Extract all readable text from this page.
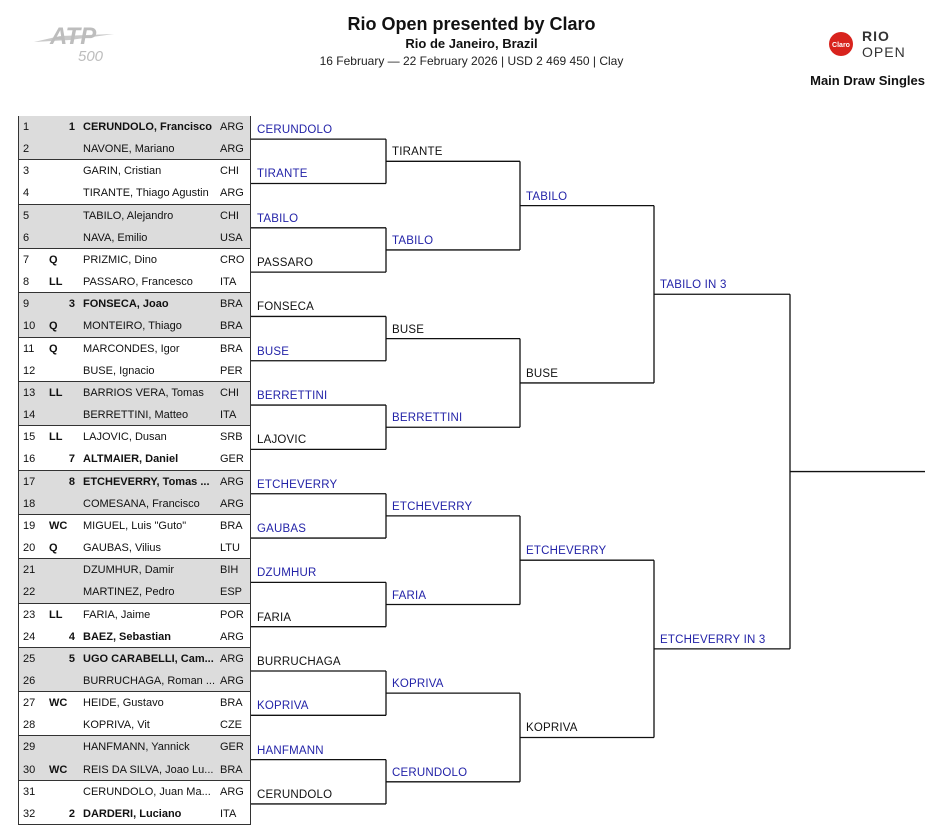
Rio Open presented by Claro
Rio de Janeiro, Brazil
16 February — 22 February 2026 | USD 2 469 450 | Clay
Main Draw Singles
ATP
500
Claro
RIO
OPEN
1	1 CERUNDOLO, Francisco ARG
2	NAVONE, Mariano	ARG
3	GARIN, Cristian	CHI
4	TIRANTE, Thiago Agustin	ARG
5	TABILO, Alejandro	CHI
6	NAVA, Emilio	USA
7	Q	PRIZMIC, Dino	CRO
8	LL	PASSARO, Francesco	ITA
9	3 FONSECA, Joao	BRA
10	Q	MONTEIRO, Thiago	BRA
11	Q	MARCONDES, Igor	BRA
12	BUSE, Ignacio	PER
13	LL	BARRIOS VERA, Tomas	CHI
14	BERRETTINI, Matteo	ITA
15	LL	LAJOVIC, Dusan	SRB
16	7 ALTMAIER, Daniel	GER
17	8 ETCHEVERRY, Tomas ... ARG
18	COMESANA, Francisco	ARG
19	WC	MIGUEL, Luis "Guto"	BRA
20	Q	GAUBAS, Vilius	LTU
21	DZUMHUR, Damir	BIH
22	MARTINEZ, Pedro	ESP
23	LL	FARIA, Jaime	POR
24	4 BAEZ, Sebastian	ARG
25	5 UGO CARABELLI, Cam... ARG
26	BURRUCHAGA, Roman ... ARG
27	WC	HEIDE, Gustavo	BRA
28	KOPRIVA, Vit	CZE
29	HANFMANN, Yannick	GER
30	WC	REIS DA SILVA, Joao Lu... BRA
31	CERUNDOLO, Juan Ma... ARG
32	2 DARDERI, Luciano	ITA
CERUNDOLO
TIRANTE
TABILO
PASSARO
FONSECA
BUSE
BERRETTINI
LAJOVIC
ETCHEVERRY
GAUBAS
DZUMHUR
FARIA
BURRUCHAGA
KOPRIVA
HANFMANN
CERUNDOLO
TIRANTE
TABILO
BUSE
BERRETTINI
ETCHEVERRY
FARIA
KOPRIVA
CERUNDOLO
TABILO
BUSE
ETCHEVERRY
KOPRIVA
TABILO IN 3
ETCHEVERRY IN 3
